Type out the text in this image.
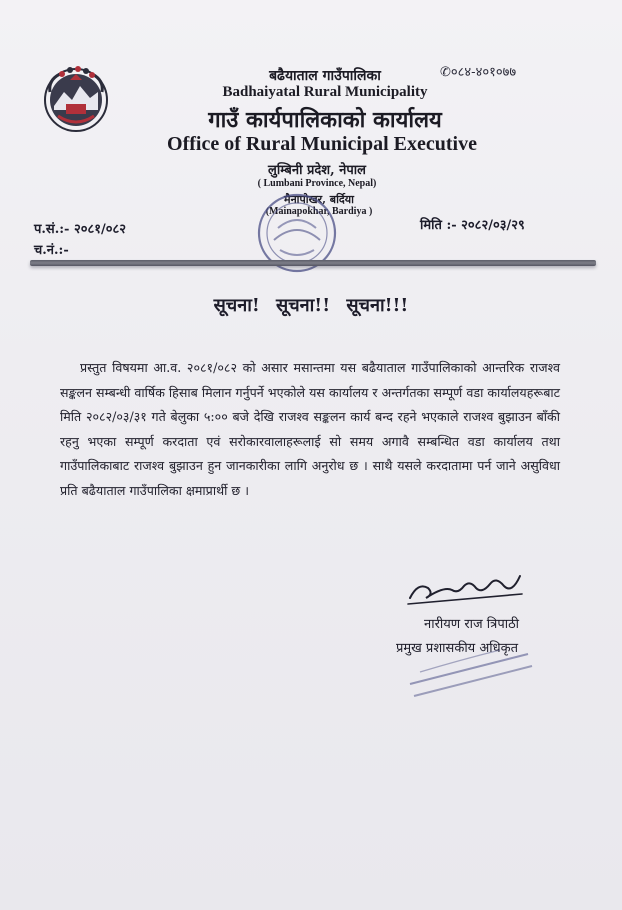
✆०८४-४०१०७७
बढैयाताल गाउँपालिका
Badhaiyatal Rural Municipality
गाउँ कार्यपालिकाको कार्यालय
Office of Rural Municipal Executive
लुम्बिनी प्रदेश, नेपाल
( Lumbani Province, Nepal)
मैनापोखर, बर्दिया
(Mainapokhar, Bardiya )
प.सं.:- २०८१/०८२
च.नं.:-
मिति :- २०८२/०३/२९
सूचना! सूचना!! सूचना!!!
प्रस्तुत विषयमा आ.व. २०८१/०८२ को असार मसान्तमा यस बढैयाताल गाउँपालिकाको आन्तरिक राजश्व सङ्कलन सम्बन्धी वार्षिक हिसाब मिलान गर्नुपर्ने भएकोले यस कार्यालय र अन्तर्गतका सम्पूर्ण वडा कार्यालयहरूबाट मिति २०८२/०३/३१ गते बेलुका ५:०० बजे देखि राजश्व सङ्कलन कार्य बन्द रहने भएकाले राजश्व बुझाउन बाँकी रहनु भएका सम्पूर्ण करदाता एवं सरोकारवालाहरूलाई सो समय अगावै सम्बन्धित वडा कार्यालय तथा गाउँपालिकाबाट राजश्व बुझाउन हुन जानकारीका लागि अनुरोध छ । साथै यसले करदातामा पर्न जाने असुविधा प्रति बढैयाताल गाउँपालिका क्षमाप्रार्थी छ ।
नारीयण राज त्रिपाठी
प्रमुख प्रशासकीय अधिकृत
